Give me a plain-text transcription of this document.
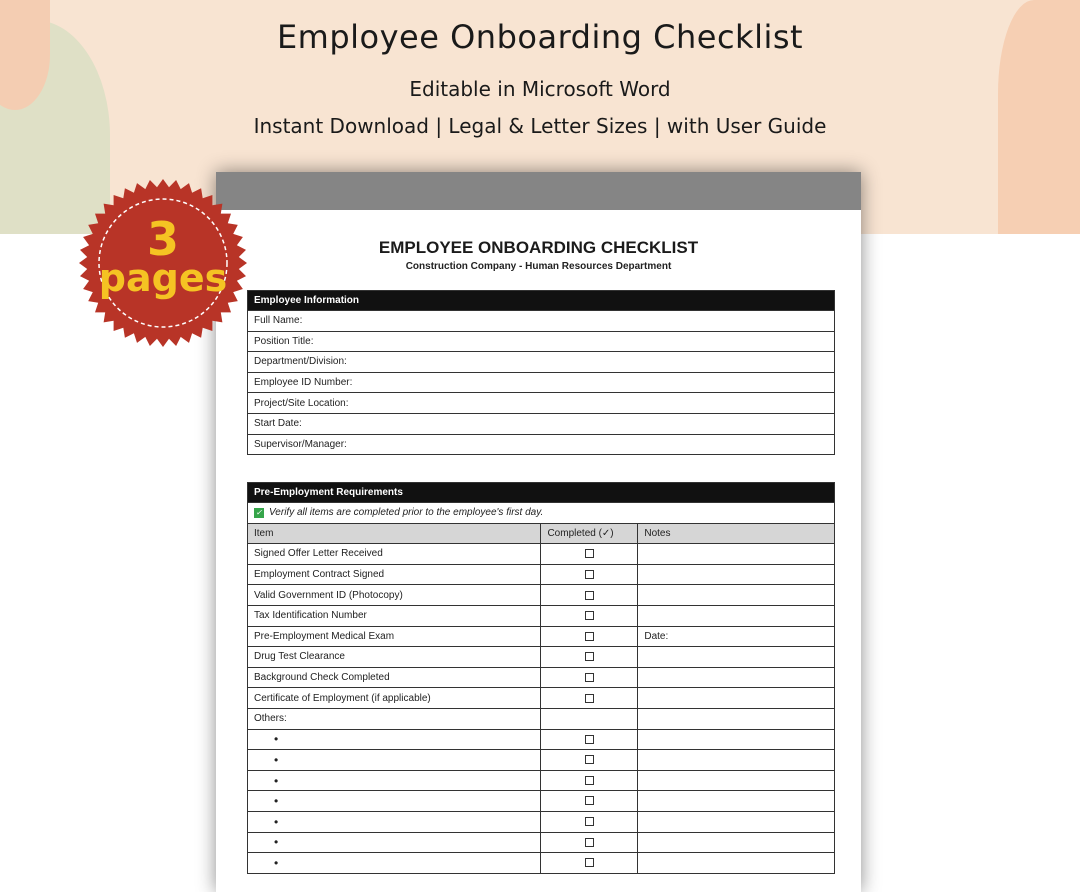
Employee Onboarding Checklist
Editable in Microsoft Word
Instant Download | Legal & Letter Sizes | with User Guide
EMPLOYEE ONBOARDING CHECKLIST
Construction Company - Human Resources Department
Employee Information
Full Name:
Position Title:
Department/Division:
Employee ID Number:
Project/Site Location:
Start Date:
Supervisor/Manager:
Pre-Employment Requirements		
✓ Verify all items are completed prior to the employee's first day.		
Item	Completed (✓)	Notes
Signed Offer Letter Received		
Employment Contract Signed		
Valid Government ID (Photocopy)		
Tax Identification Number		
Pre-Employment Medical Exam		Date:
Drug Test Clearance		
Background Check Completed		
Certificate of Employment (if applicable)		
Others:		
•		
•		
•		
•		
•		
•		
•		
3
pages
